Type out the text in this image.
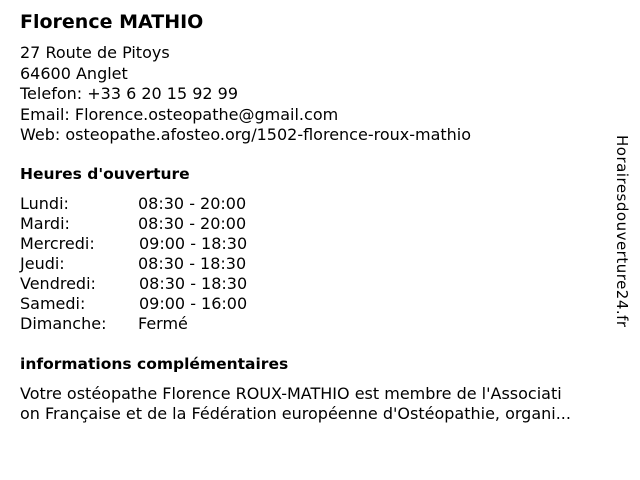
Florence MATHIO
27 Route de Pitoys
64600 Anglet
Telefon: +33 6 20 15 92 99
Email: Florence.osteopathe@gmail.com
Web: osteopathe.afosteo.org/1502-florence-roux-mathio
Heures d'ouverture
Lundi:	08:30 - 20:00
Mardi:	08:30 - 20:00
Mercredi:	09:00 - 18:30
Jeudi:	08:30 - 18:30
Vendredi:	08:30 - 18:30
Samedi:	09:00 - 16:00
Dimanche: Fermé
informations complémentaires
Votre ostéopathe Florence ROUX-MATHIO est membre de l'Associati
on Française et de la Fédération européenne d'Ostéopathie, organi...
Horairesdouverture24.fr
